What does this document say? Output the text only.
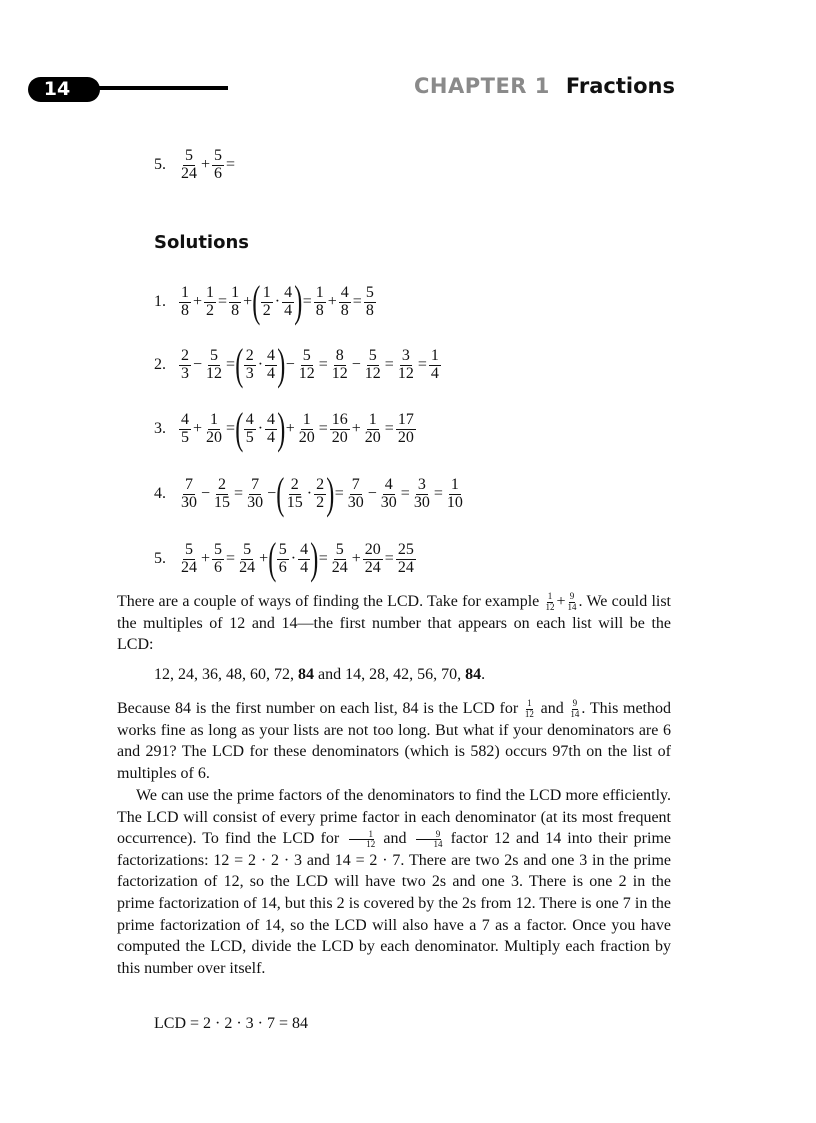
14	CHAPTER 1 Fractions
5.
5
$24 + \frac{5}{6}$ =
Solutions
1.
1
$8 + \frac{1}{2} = \frac{1}{8}$ + ( 1
2 ·
4
4 ) = $\frac{1}{8} + \frac{4}{8} = \frac{5}{8}$
2.
2
$3 - \frac{5}{12}$ = ( 2
3 ·
4
4 ) − $\frac{5}{12} = \frac{8}{12} - \frac{5}{12} = \frac{3}{12} = \frac{1}{4}$
3.
4
$5 + \frac{1}{20}$ = ( 4
5 ·
4
4 ) + $\frac{1}{20} = \frac{16}{20} + \frac{1}{20} = \frac{17}{20}$
4.
7
$30 - \frac{2}{15} = \frac{7}{30}$ − ( 2
15 ·
2
2 ) = $\frac{7}{30} - \frac{4}{30} = \frac{3}{30} = \frac{1}{10}$
5.
5
$24 + \frac{5}{6} = \frac{5}{24}$ + ( 5
6 ·
4
4 ) = $\frac{5}{24} + \frac{20}{24} = \frac{25}{24}$
There are a couple of ways of finding the LCD. Take for example $\frac{1}{12} + \frac{9}{14}$ . We could list the multiples of 12 and 14—the first number that appears on each list will be the LCD:
12, 24, 36, 48, 60, 72, 84 and 14, 28, 42, 56, 70, 84.
Because 84 is the first number on each list, 84 is the LCD for $\frac{1}{12}$ and $\frac{9}{14}$ . This method works fine as long as your lists are not too long. But what if your denominators are 6 and 291? The LCD for these denominators (which is 582) occurs 97th on the list of multiples of 6.
We can use the prime factors of the denominators to find the LCD more efficiently. The LCD will consist of every prime factor in each denominator (at its most frequent occurrence). To find the LCD for $\frac{1}{12}$ and $\frac{9}{14}$ factor 12 and 14 into their prime factorizations: 12 = 2 · 2 · 3 and 14 = 2 · 7. There are two 2s and one 3 in the prime factorization of 12, so the LCD will have two 2s and one 3. There is one 2 in the prime factorization of 14, but this 2 is covered by the 2s from 12. There is one 7 in the prime factorization of 14, so the LCD will also have a 7 as a factor. Once you have computed the LCD, divide the LCD by each denominator. Multiply each fraction by this number over itself.
LCD = 2 · 2 · 3 · 7 = 84
